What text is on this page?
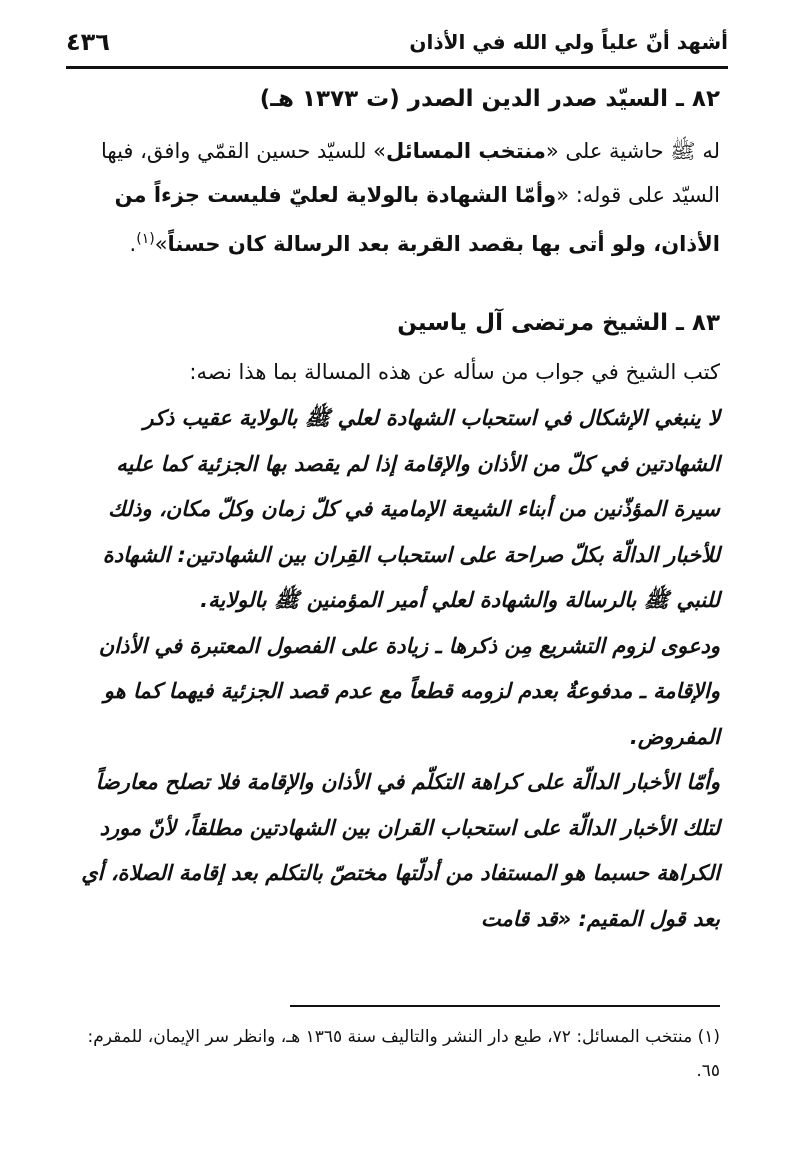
أشهد أنّ علياً ولي الله في الأذان
٤٣٦
٨٢ ـ السيّد صدر الدين الصدر (ت ١٣٧٣ هـ)

له ﷺ حاشية على «منتخب المسائل» للسيّد حسين القمّي وافق، فيها السيّد على قوله: «وأمّا الشهادة بالولاية لعليّ فليست جزءاً من الأذان، ولو أتى بها بقصد القربة بعد الرسالة كان حسناً»$^{(١)}$.

٨٣ ـ الشيخ مرتضى آل ياسين

كتب الشيخ في جواب من سأله عن هذه المسالة بما هذا نصه:

لا ينبغي الإشكال في استحباب الشهادة لعلي ﷺ بالولاية عقيب ذكر الشهادتين في كلّ من الأذان والإقامة إذا لم يقصد بها الجزئية كما عليه سيرة المؤذّنين من أبناء الشيعة الإمامية في كلّ زمان وكلّ مكان، وذلك للأخبار الدالّة بكلّ صراحة على استحباب القِران بين الشهادتين: الشهادة للنبي ﷺ بالرسالة والشهادة لعلي أمير المؤمنين ﷺ بالولاية.

ودعوى لزوم التشريع مِن ذكرها ـ زيادة على الفصول المعتبرة في الأذان والإقامة ـ مدفوعةٌ بعدم لزومه قطعاً مع عدم قصد الجزئية فيهما كما هو المفروض.

وأمّا الأخبار الدالّة على كراهة التكلّم في الأذان والإقامة فلا تصلح معارضاً لتلك الأخبار الدالّة على استحباب القران بين الشهادتين مطلقاً، لأنّ مورد الكراهة حسبما هو المستفاد من أدلّتها مختصّ بالتكلم بعد إقامة الصلاة، أي بعد قول المقيم: «قد قامت

(١) منتخب المسائل: ٧٢، طبع دار النشر والتاليف سنة ١٣٦٥ هـ، وانظر سر الإيمان، للمقرم: ٦٥.
